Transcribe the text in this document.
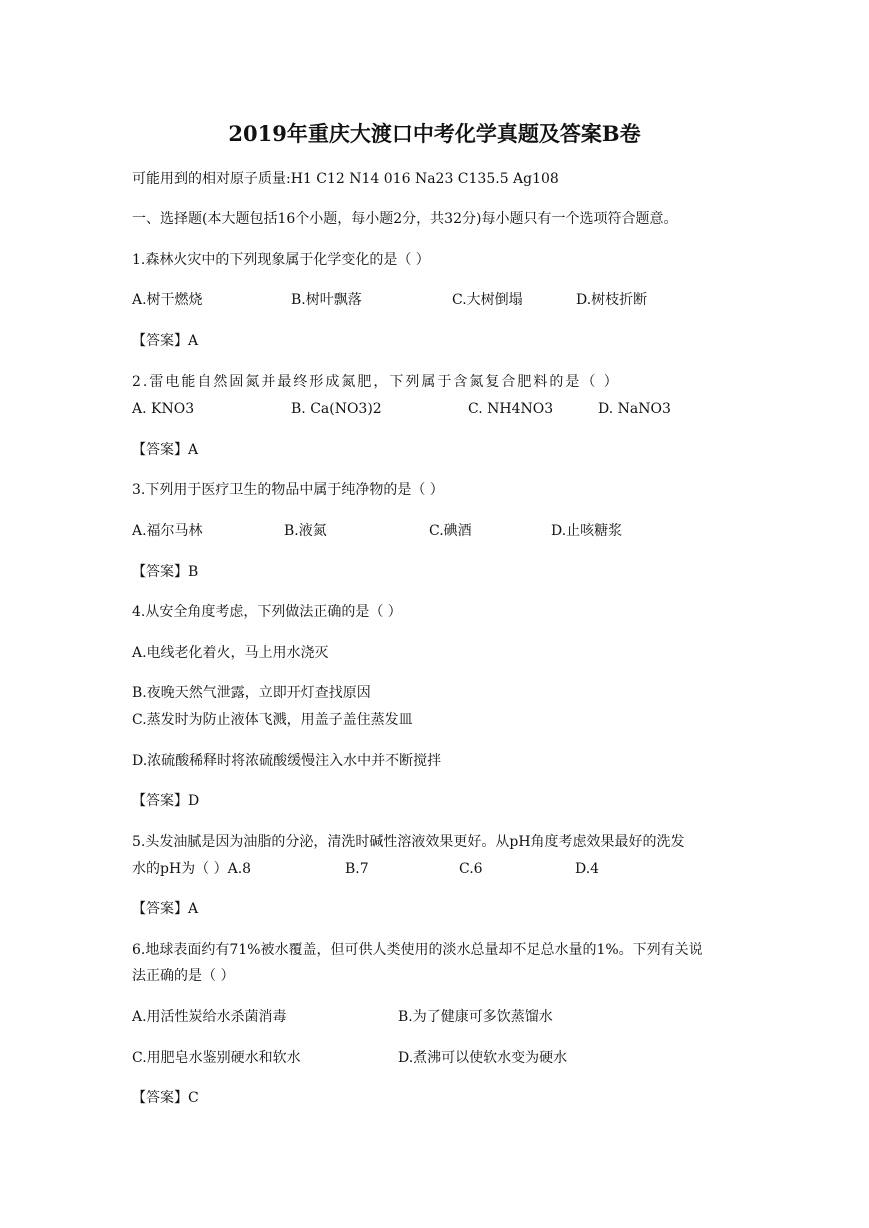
2019年重庆大渡口中考化学真题及答案B卷
可能用到的相对原子质量:H1 C12 N14 016 Na23 C135.5 Ag108
一、选择题(本大题包括16个小题，每小题2分，共32分)每小题只有一个选项符合题意。
1.森林火灾中的下列现象属于化学变化的是（ ）
A.树干燃烧	B.树叶飘落	C.大树倒塌	D.树枝折断
【答案】A
2.雷电能自然固氮并最终形成氮肥，下列属于含氮复合肥料的是（ ）
A. KNO3	B. Ca(NO3)2	C. NH4NO3	D. NaNO3
【答案】A
3.下列用于医疗卫生的物品中属于纯净物的是（ ）
A.福尔马林	B.液氮	C.碘酒	D.止咳糖浆
【答案】B
4.从安全角度考虑，下列做法正确的是（ ）
A.电线老化着火，马上用水浇灭
B.夜晚天然气泄露，立即开灯查找原因
C.蒸发时为防止液体飞溅，用盖子盖住蒸发皿
D.浓硫酸稀释时将浓硫酸缓慢注入水中并不断搅拌
【答案】D
5.头发油腻是因为油脂的分泌，清洗时碱性溶液效果更好。从pH角度考虑效果最好的洗发
水的pH为（ ）A.8	B.7	C.6	D.4
【答案】A
6.地球表面约有71%被水覆盖，但可供人类使用的淡水总量却不足总水量的1%。下列有关说
法正确的是（ ）
A.用活性炭给水杀菌消毒	B.为了健康可多饮蒸馏水
C.用肥皂水鉴别硬水和软水	D.煮沸可以使软水变为硬水
【答案】C
